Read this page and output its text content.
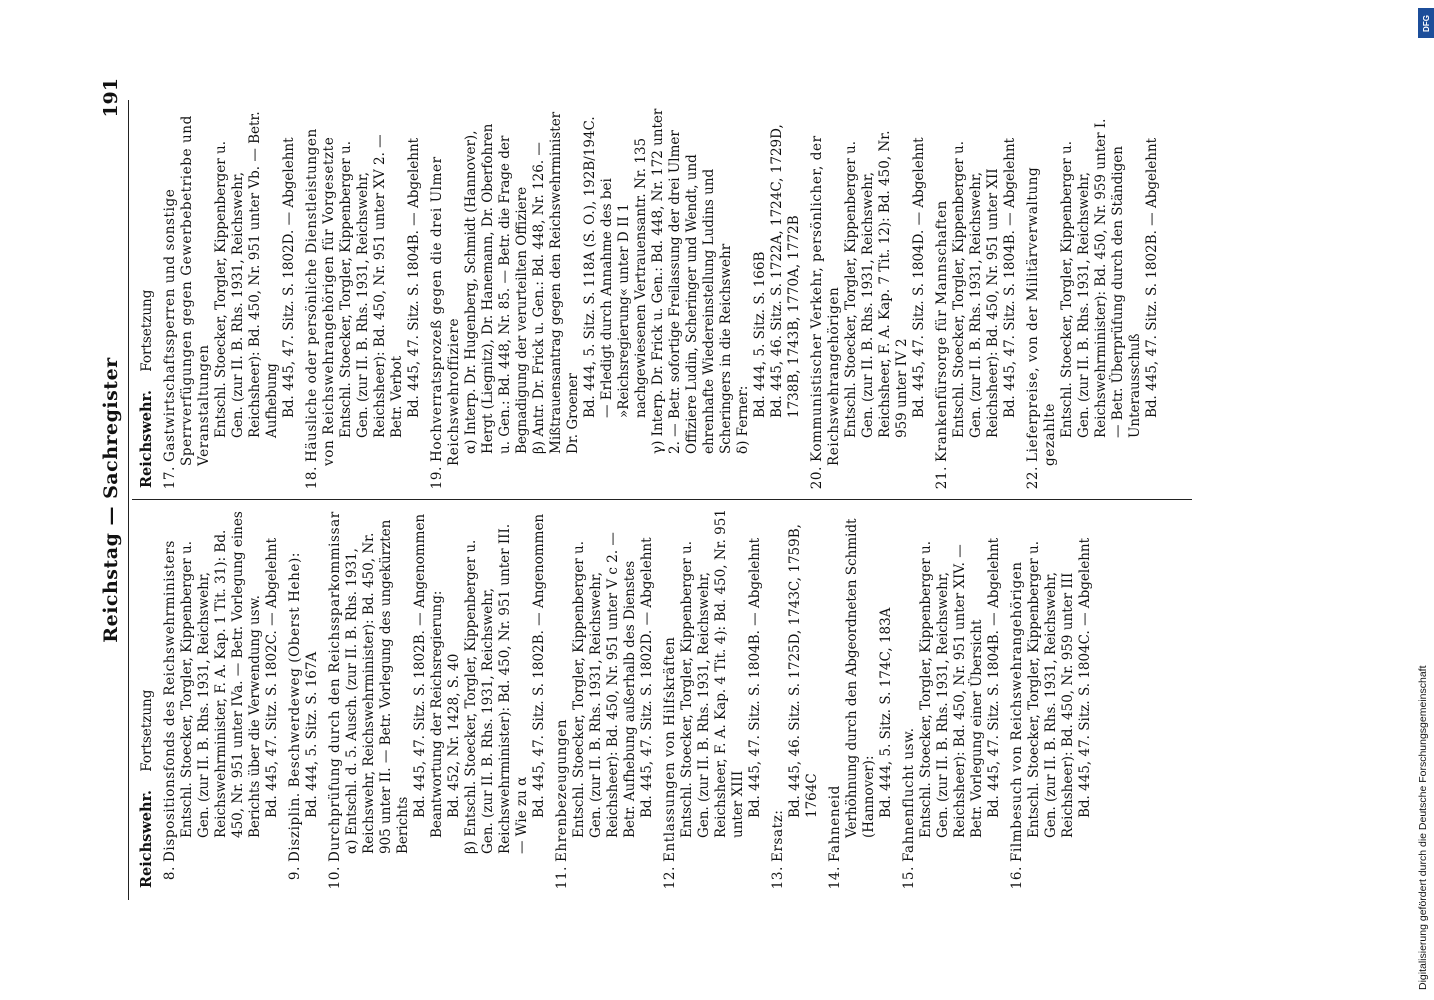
Reichstag — Sachregister
191
Reichswehr. Fortsetzung
8.Dispositionsfonds des Reichswehrministers Entschl. Stoecker, Torgler, Kippenberger u. Gen. (zur II. B. Rhs. 1931, Reichswehr, Reichswehrminister, F. A. Kap. 1 Tit. 31): Bd. 450, Nr. 951 unter IVa. — Betr. Vorlegung eines Berichts über die Verwendung usw. Bd. 445, 47. Sitz. S. 1802C. — Abgelehnt
9.Disziplin. Beschwerdeweg (Oberst Hehe): Bd. 444, 5. Sitz. S. 167A
10.Durchprüfung durch den Reichssparkommissar α) Entschl. d. 5. Ausch. (zur II. B. Rhs. 1931, Reichswehr, Reichswehrminister): Bd. 450, Nr. 905 unter II. — Betr. Vorlegung des ungekürzten Berichts
Bd. 445, 47. Sitz. S. 1802B. — Angenommen Beantwortung der Reichsregierung: Bd. 452, Nr. 1428, S. 40 β) Entschl. Stoecker, Torgler, Kippenberger u. Gen. (zur II. B. Rhs. 1931, Reichswehr, Reichswehrminister): Bd. 450, Nr. 951 unter III. — Wie zu α Bd. 445, 47. Sitz. S. 1802B. — Angenommen
11.Ehrenbezeugungen Entschl. Stoecker, Torgler, Kippenberger u. Gen. (zur II. B. Rhs. 1931, Reichswehr, Reichsheer): Bd. 450, Nr. 951 unter V c 2. — Betr. Aufhebung außerhalb des Dienstes Bd. 445, 47. Sitz. S. 1802D. — Abgelehnt
12.Entlassungen von Hilfskräften Entschl. Stoecker, Torgler, Kippenberger u. Gen. (zur II. B. Rhs. 1931, Reichswehr, Reichsheer, F. A. Kap. 4 Tit. 4): Bd. 450, Nr. 951 unter XIII Bd. 445, 47. Sitz. S. 1804B. — Abgelehnt
13.Ersatz:
Bd. 445, 46. Sitz. S. 1725D, 1743C, 1759B, 1764C
14.Fahneneid Verhöhnung durch den Abgeordneten Schmidt (Hannover): Bd. 444, 5. Sitz. S. 174C, 183A
15.Fahnenflucht usw. Entschl. Stoecker, Torgler, Kippenberger u. Gen. (zur II. B. Rhs. 1931, Reichswehr, Reichsheer): Bd. 450, Nr. 951 unter XIV. — Betr. Vorlegung einer Übersicht Bd. 445, 47. Sitz. S. 1804B. — Abgelehnt
16.Filmbesuch von Reichswehrangehörigen Entschl. Stoecker, Torgler, Kippenberger u. Gen. (zur II. B. Rhs. 1931, Reichswehr, Reichsheer): Bd. 450, Nr. 959 unter III Bd. 445, 47. Sitz. S. 1804C. — Abgelehnt
Reichswehr. Fortsetzung
17.Gastwirtschaftssperren und sonstige Sperrverfügungen gegen Gewerbebetriebe und Veranstaltungen Entschl. Stoecker, Torgler, Kippenberger u. Gen. (zur II. B. Rhs. 1931, Reichswehr, Reichsheer): Bd. 450, Nr. 951 unter Vb. — Betr. Aufhebung Bd. 445, 47. Sitz. S. 1802D. — Abgelehnt
18.Häusliche oder persönliche Dienstleistungen von Reichswehrangehörigen für Vorgesetzte Entschl. Stoecker, Torgler, Kippenberger u. Gen. (zur II. B. Rhs. 1931, Reichswehr, Reichsheer): Bd. 450, Nr. 951 unter XV 2. — Betr. Verbot Bd. 445, 47. Sitz. S. 1804B. — Abgelehnt
19.Hochverratsprozeß gegen die drei Ulmer Reichswehroffiziere α) Interp. Dr. Hugenberg, Schmidt (Hannover), Hergt (Liegnitz), Dr. Hanemann, Dr. Oberfohren u. Gen.: Bd. 448, Nr. 85. — Betr. die Frage der Begnadigung der verurteilten Offiziere β) Antr. Dr. Frick u. Gen.: Bd. 448, Nr. 126. — Mißtrauensantrag gegen den Reichswehrminister Dr. Groener Bd. 444, 5. Sitz. S. 118A (S. O.), 192B/194C. — Erledigt durch Annahme des bei »Reichsregierung« unter D II 1 nachgewiesenen Vertrauensantr. Nr. 135 γ) Interp. Dr. Frick u. Gen.: Bd. 448, Nr. 172 unter 2. — Betr. sofortige Freilassung der drei Ulmer Offiziere Ludin, Scheringer und Wendt, und ehrenhafte Wiedereinstellung Ludins und Scheringers in die Reichswehr δ) Ferner:
Bd. 444, 5. Sitz. S. 166B Bd. 445, 46. Sitz. S. 1722A, 1724C, 1729D, 1738B, 1743B, 1770A, 1772B
20.Kommunistischer Verkehr, persönlicher, der Reichswehrangehörigen Entschl. Stoecker, Torgler, Kippenberger u. Gen. (zur II. B. Rhs. 1931, Reichswehr, Reichsheer, F. A. Kap. 7 Tit. 12): Bd. 450, Nr. 959 unter IV 2 Bd. 445, 47. Sitz. S. 1804D. — Abgelehnt
21.Krankenfürsorge für Mannschaften Entschl. Stoecker, Torgler, Kippenberger u. Gen. (zur II. B. Rhs. 1931, Reichswehr, Reichsheer): Bd. 450, Nr. 951 unter XII Bd. 445, 47. Sitz. S. 1804B. — Abgelehnt
22.Lieferpreise, von der Militärverwaltung gezahlte Entschl. Stoecker, Torgler, Kippenberger u. Gen. (zur II. B. Rhs. 1931, Reichswehr, Reichswehrminister): Bd. 450, Nr. 959 unter I. — Betr. Überprüfung durch den Ständigen Unterausschuß Bd. 445, 47. Sitz. S. 1802B. — Abgelehnt
DFG
Digitalisierung gefördert durch die Deutsche Forschungsgemeinschaft
